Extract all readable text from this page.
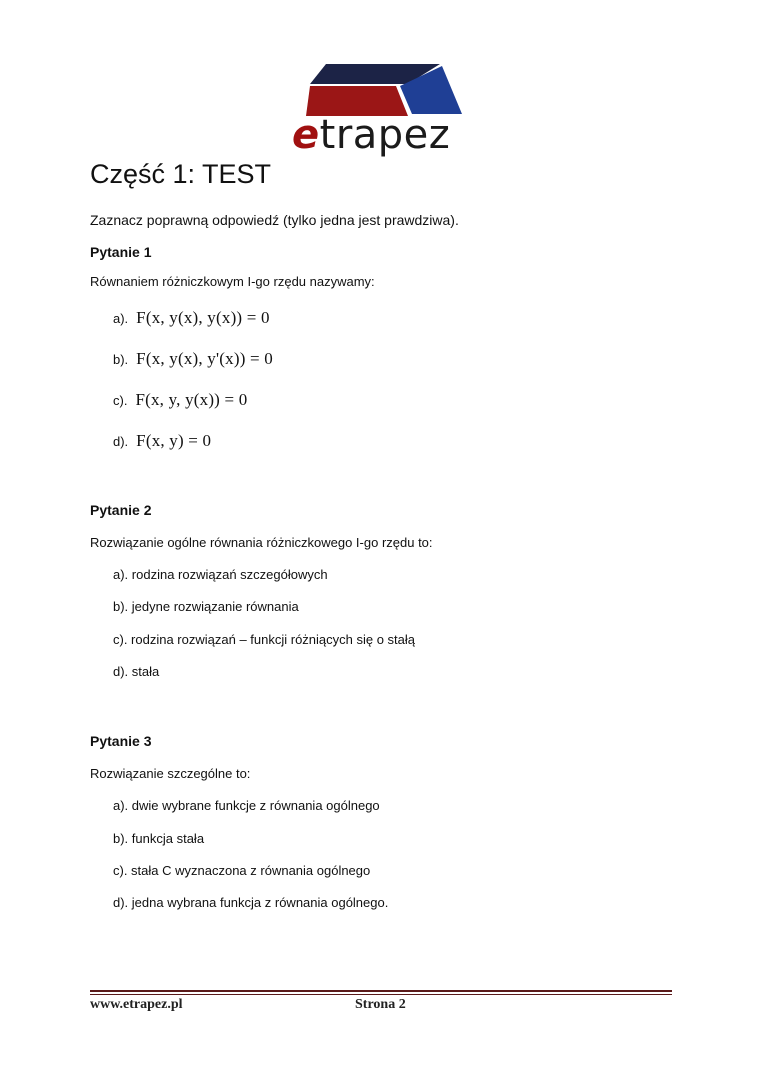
etrapez
Część 1: TEST
Zaznacz poprawną odpowiedź (tylko jedna jest prawdziwa).
Pytanie 1
Równaniem różniczkowym I-go rzędu nazywamy:
a). F(x, y(x), y(x)) = 0
b). F(x, y(x), y'(x)) = 0
c). F(x, y, y(x)) = 0
d). F(x, y) = 0
Pytanie 2
Rozwiązanie ogólne równania różniczkowego I-go rzędu to:
a). rodzina rozwiązań szczegółowych
b). jedyne rozwiązanie równania
c). rodzina rozwiązań – funkcji różniących się o stałą
d). stała
Pytanie 3
Rozwiązanie szczególne to:
a). dwie wybrane funkcje z równania ogólnego
b). funkcja stała
c). stała C wyznaczona z równania ogólnego
d). jedna wybrana funkcja z równania ogólnego.
www.etrapez.pl	Strona 2
